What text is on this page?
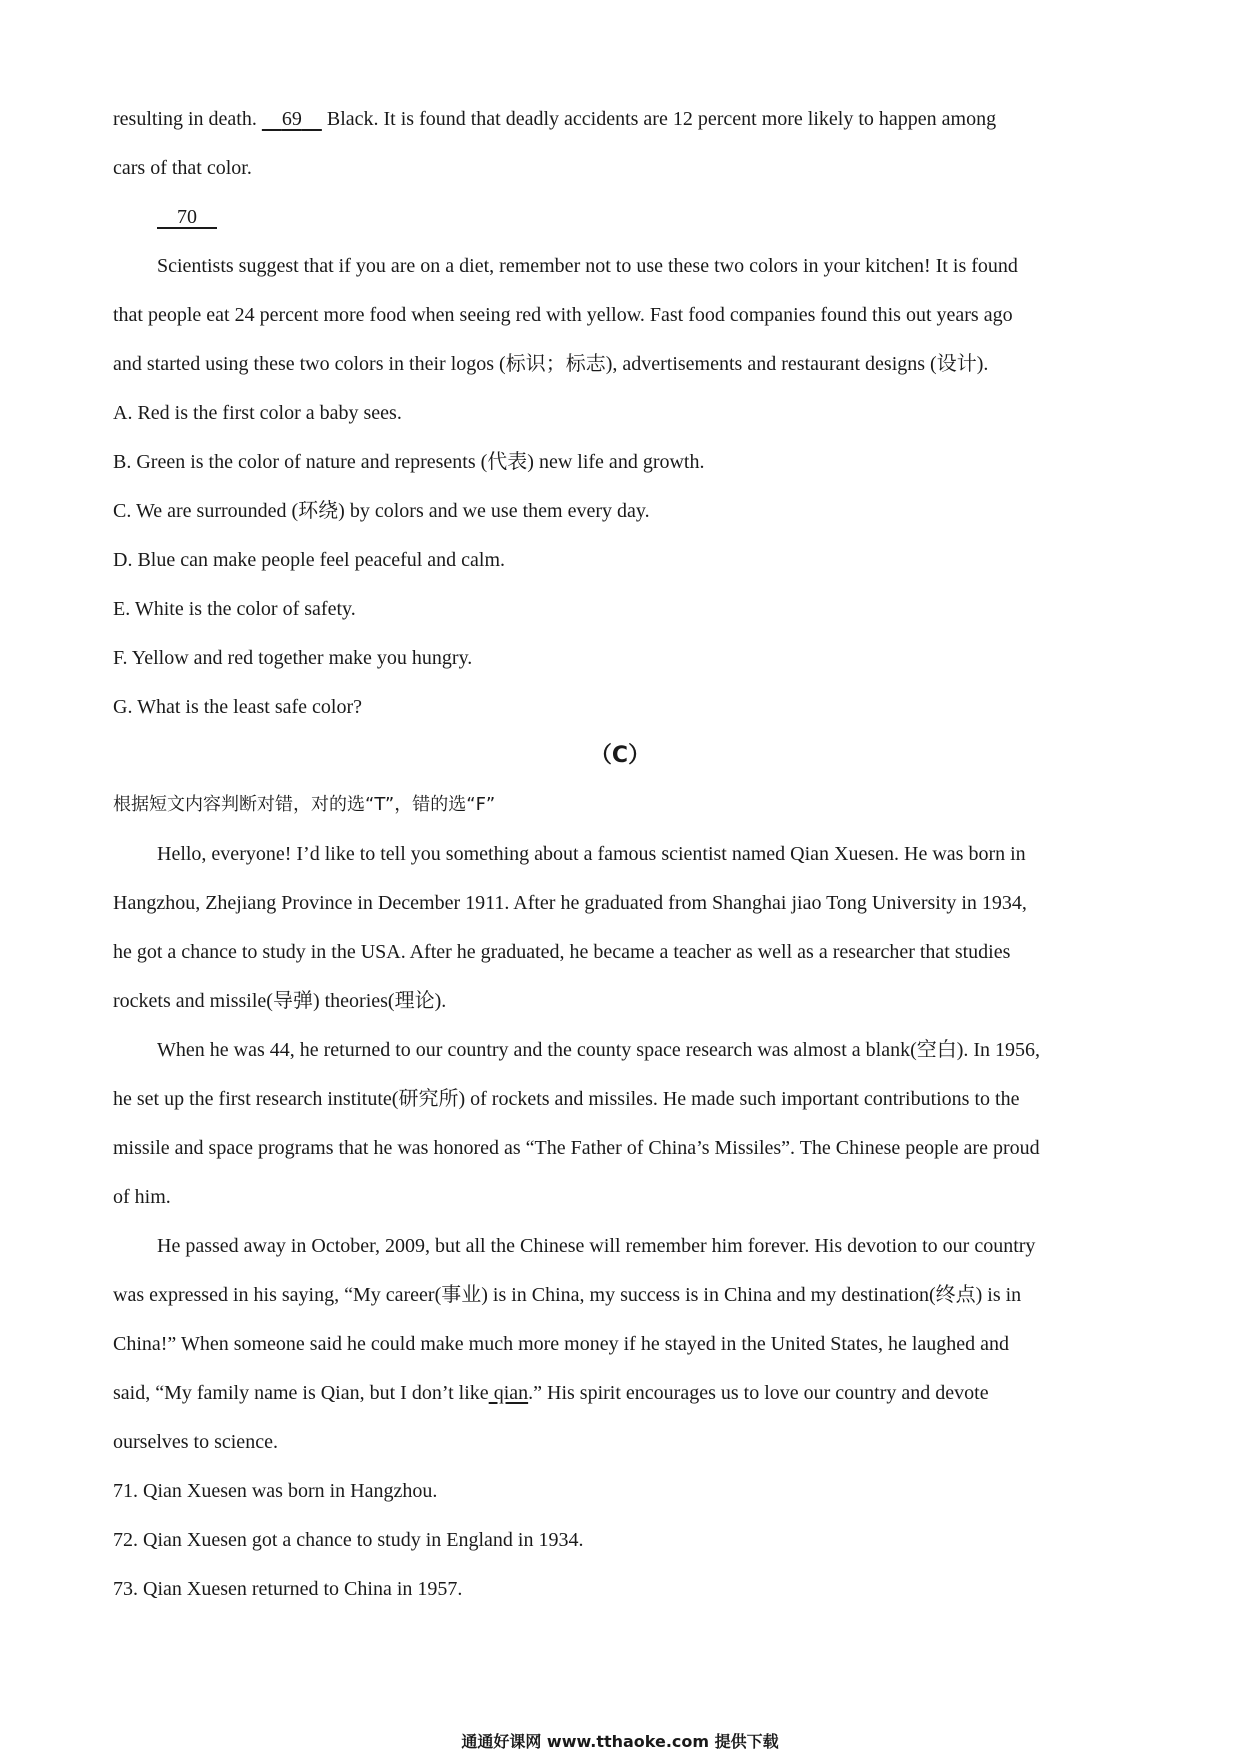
resulting in death.     69     Black. It is found that deadly accidents are 12 percent more likely to happen among
cars of that color.
70
Scientists suggest that if you are on a diet, remember not to use these two colors in your kitchen! It is found
that people eat 24 percent more food when seeing red with yellow. Fast food companies found this out years ago
and started using these two colors in their logos (标识；标志), advertisements and restaurant designs (设计).
A. Red is the first color a baby sees.
B. Green is the color of nature and represents (代表) new life and growth.
C. We are surrounded (环绕) by colors and we use them every day.
D. Blue can make people feel peaceful and calm.
E. White is the color of safety.
F. Yellow and red together make you hungry.
G. What is the least safe color?
（C）
根据短文内容判断对错，对的选“T”，错的选“F”
Hello, everyone! I’d like to tell you something about a famous scientist named Qian Xuesen. He was born in
Hangzhou, Zhejiang Province in December 1911. After he graduated from Shanghai jiao Tong University in 1934,
he got a chance to study in the USA. After he graduated, he became a teacher as well as a researcher that studies
rockets and missile(导弹) theories(理论).
When he was 44, he returned to our country and the county space research was almost a blank(空白). In 1956,
he set up the first research institute(研究所) of rockets and missiles. He made such important contributions to the
missile and space programs that he was honored as “The Father of China’s Missiles”. The Chinese people are proud
of him.
He passed away in October, 2009, but all the Chinese will remember him forever. His devotion to our country
was expressed in his saying, “My career(事业) is in China, my success is in China and my destination(终点) is in
China!” When someone said he could make much more money if he stayed in the United States, he laughed and
said, “My family name is Qian, but I don’t like qian.” His spirit encourages us to love our country and devote
ourselves to science.
71. Qian Xuesen was born in Hangzhou.
72. Qian Xuesen got a chance to study in England in 1934.
73. Qian Xuesen returned to China in 1957.
通通好课网 www.tthaoke.com 提供下载
